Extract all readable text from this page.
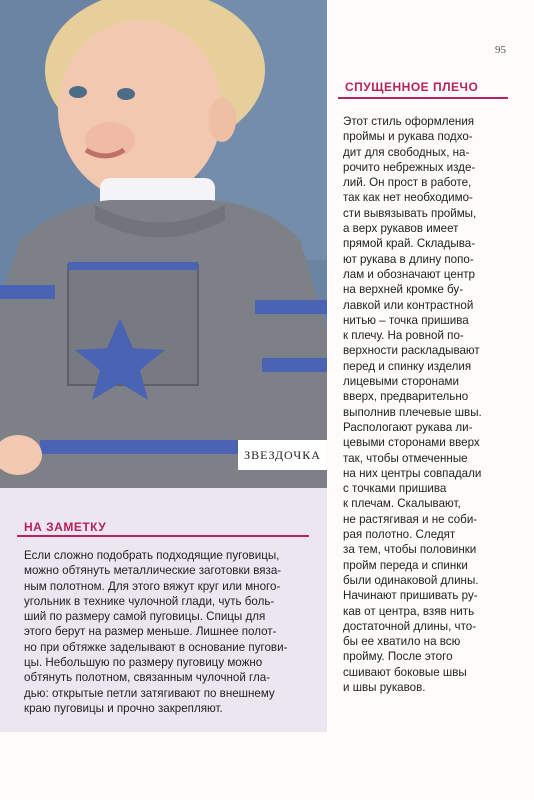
ЗВЕЗДОЧКА
95
СПУЩЕННОЕ ПЛЕЧО
Этот стиль оформления
проймы и рукава подхо-
дит для свободных, на-
рочито небрежных изде-
лий. Он прост в работе,
так как нет необходимо-
сти вывязывать проймы,
а верх рукавов имеет
прямой край. Складыва-
ют рукава в длину попо-
лам и обозначают центр
на верхней кромке бу-
лавкой или контрастной
нитью – точка пришива
к плечу. На ровной по-
верхности раскладывают
перед и спинку изделия
лицевыми сторонами
вверх, предварительно
выполнив плечевые швы.
Распологают рукава ли-
цевыми сторонами вверх
так, чтобы отмеченные
на них центры совпадали
с точками пришива
к плечам. Скалывают,
не растягивая и не соби-
рая полотно. Следят
за тем, чтобы половинки
пройм переда и спинки
были одинаковой длины.
Начинают пришивать ру-
кав от центра, взяв нить
достаточной длины, что-
бы ее хватило на всю
пройму. После этого
сшивают боковые швы
и швы рукавов.
НА ЗАМЕТКУ
Если сложно подобрать подходящие пуговицы,
можно обтянуть металлические заготовки вяза-
ным полотном. Для этого вяжут круг или много-
угольник в технике чулочной глади, чуть боль-
ший по размеру самой пуговицы. Спицы для
этого берут на размер меньше. Лишнее полот-
но при обтяжке заделывают в основание пугови-
цы. Небольшую по размеру пуговицу можно
обтянуть полотном, связанным чулочной гла-
дью: открытые петли затягивают по внешнему
краю пуговицы и прочно закрепляют.
